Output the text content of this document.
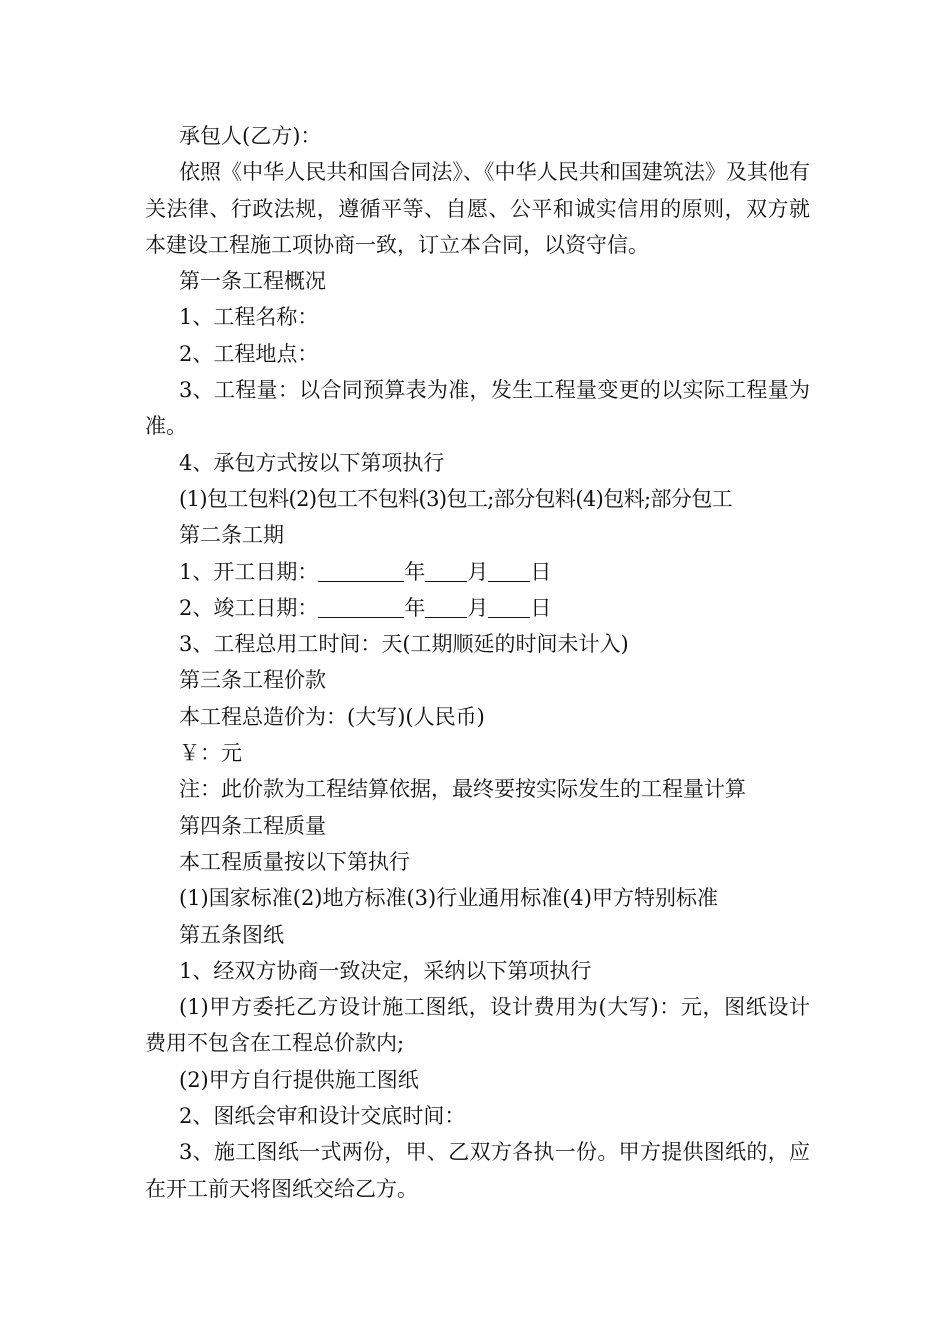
承包人(乙方)：

依照《中华人民共和国合同法》、《中华人民共和国建筑法》及其他有关法律、行政法规，遵循平等、自愿、公平和诚实信用的原则，双方就本建设工程施工项协商一致，订立本合同，以资守信。

第一条工程概况

1、工程名称：

2、工程地点：

3、工程量：以合同预算表为准，发生工程量变更的以实际工程量为准。

4、承包方式按以下第项执行

(1)包工包料(2)包工不包料(3)包工;部分包料(4)包料;部分包工

第二条工期

1、开工日期：	年 月 日

2、竣工日期：	年 月 日

3、工程总用工时间：天(工期顺延的时间未计入)

第三条工程价款

本工程总造价为：(大写)(人民币)

￥：元

注：此价款为工程结算依据，最终要按实际发生的工程量计算

第四条工程质量

本工程质量按以下第执行

(1)国家标准(2)地方标准(3)行业通用标准(4)甲方特别标准

第五条图纸

1、经双方协商一致决定，采纳以下第项执行

(1)甲方委托乙方设计施工图纸，设计费用为(大写)：元，图纸设计费用不包含在工程总价款内;

(2)甲方自行提供施工图纸

2、图纸会审和设计交底时间：

3、施工图纸一式两份，甲、乙双方各执一份。甲方提供图纸的，应在开工前天将图纸交给乙方。
